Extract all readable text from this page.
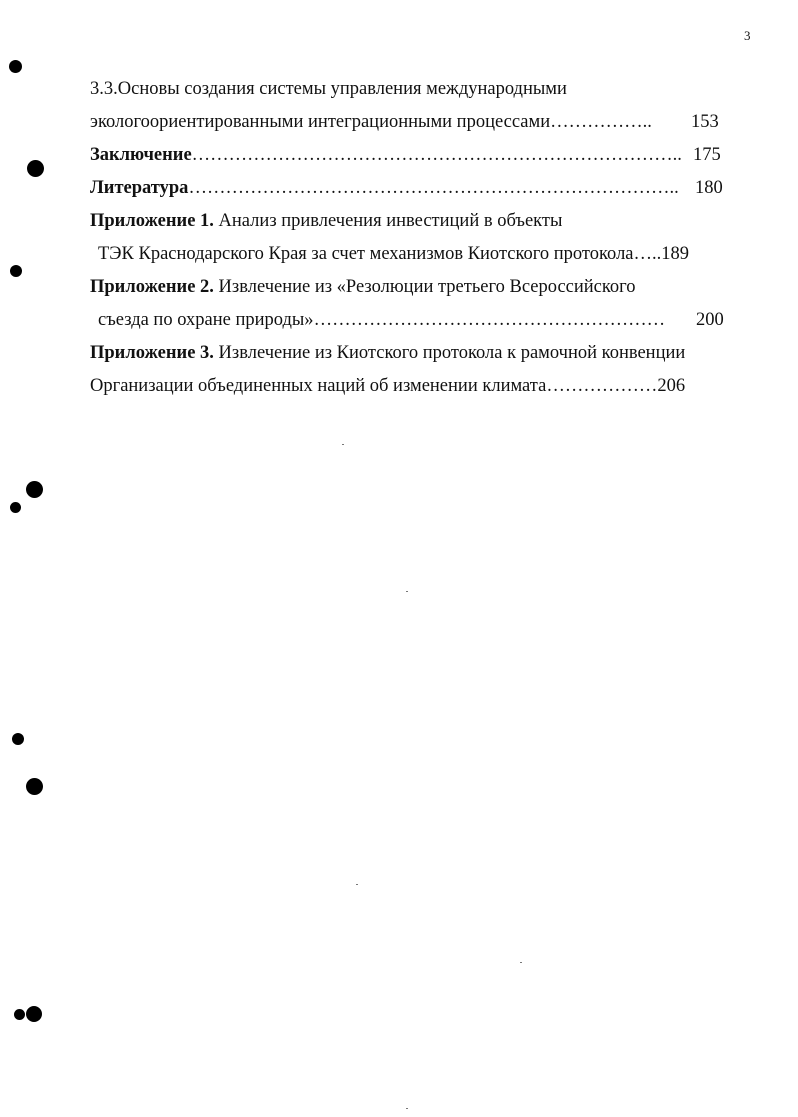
3
3.3.Основы создания системы управления международными
экологоориентированными интеграционными процессами…………….. 153
Заключение…………………………………………………………………….. 175
Литература…………………………………………………………………….. 180
Приложение 1. Анализ привлечения инвестиций в объекты
ТЭК Краснодарского Края за счет механизмов Киотского протокола…..189
Приложение 2. Извлечение из «Резолюции третьего Всероссийского
съезда по охране природы»………………………………………………… 200
Приложение 3. Извлечение из Киотского протокола к рамочной конвенции
Организации объединенных наций об изменении климата………………206
